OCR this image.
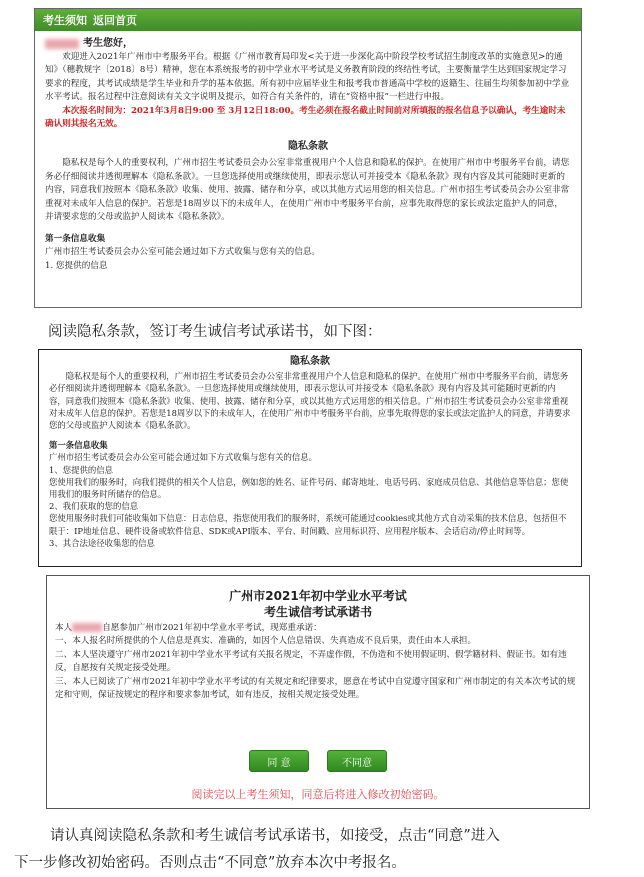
考生须知 返回首页
考生您好，

欢迎进入2021年广州市中考服务平台。根据《广州市教育局印发<关于进一步深化高中阶段学校考试招生制度改革的实施意见>的通知》（穗教规字〔2018〕8号）精神，您在本系统报考的初中学业水平考试是义务教育阶段的终结性考试，主要衡量学生达到国家规定学习要求的程度，其考试成绩是学生毕业和升学的基本依据。所有初中应届毕业生和报考我市普通高中学校的返籍生、往届生均须参加初中学业水平考试。报名过程中注意阅读有关文字说明及提示，如符合有关条件的，请在“资格申报”一栏进行申报。

本次报名时间为：2021年3月8日9:00 至 3月12日18:00。考生必须在报名截止时间前对所填报的报名信息予以确认，考生逾时未确认则其报名无效。

隐私条款

隐私权是每个人的重要权利，广州市招生考试委员会办公室非常重视用户个人信息和隐私的保护。在使用广州市中考服务平台前，请您务必仔细阅读并透彻理解本《隐私条款》。一旦您选择使用或继续使用，即表示您认可并接受本《隐私条款》现有内容及其可能随时更新的内容，同意我们按照本《隐私条款》收集、使用、披露、储存和分享，或以其他方式运用您的相关信息。广州市招生考试委员会办公室非常重视对未成年人信息的保护。若您是18周岁以下的未成年人，在使用广州市中考服务平台前，应事先取得您的家长或法定监护人的同意，并请要求您的父母或监护人阅读本《隐私条款》。

第一条信息收集
广州市招生考试委员会办公室可能会通过如下方式收集与您有关的信息。
1. 您提供的信息
阅读隐私条款，签订考生诚信考试承诺书，如下图：
隐私条款

隐私权是每个人的重要权利，广州市招生考试委员会办公室非常重视用户个人信息和隐私的保护。在使用广州市中考服务平台前，请您务必仔细阅读并透彻理解本《隐私条款》。一旦您选择使用或继续使用，即表示您认可并接受本《隐私条款》现有内容及其可能随时更新的内容，同意我们按照本《隐私条款》收集、使用、披露、储存和分享，或以其他方式运用您的相关信息。广州市招生考试委员会办公室非常重视对未成年人信息的保护。若您是18周岁以下的未成年人，在使用广州市中考服务平台前，应事先取得您的家长或法定监护人的同意，并请要求您的父母或监护人阅读本《隐私条款》。

第一条信息收集
广州市招生考试委员会办公室可能会通过如下方式收集与您有关的信息。
1、您提供的信息
您使用我们的服务时，向我们提供的相关个人信息，例如您的姓名、证件号码、邮寄地址、电话号码、家庭成员信息、其他信息等信息；您使用我们的服务时所储存的信息。
2、我们获取的您的信息
您使用服务时我们可能收集如下信息：日志信息，指您使用我们的服务时，系统可能通过cookies或其他方式自动采集的技术信息，包括但不限于：IP地址信息、硬件设备或软件信息、SDK或API版本、平台、时间戳、应用标识符、应用程序版本、会话启动/停止时间等。
3、其合法途径收集您的信息
广州市2021年初中学业水平考试
考生诚信考试承诺书
本人	自愿参加广州市2021年初中学业水平考试，现郑重承诺：
一、本人报名时所提供的个人信息是真实、准确的，如因个人信息错误、失真造成不良后果，责任由本人承担。
二、本人坚决遵守广州市2021年初中学业水平考试有关报名规定，不弄虚作假，不伪造和不使用假证明、假学籍材料、假证书。如有违反，自愿按有关规定接受处理。
三、本人已阅读了广州市2021年初中学业水平考试的有关规定和纪律要求，愿意在考试中自觉遵守国家和广州市制定的有关本次考试的规定和守则，保证按规定的程序和要求参加考试，如有违反，按相关规定接受处理。
同 意	不同意
阅读完以上考生须知，同意后将进入修改初始密码。
请认真阅读隐私条款和考生诚信考试承诺书，如接受，点击“同意”进入
下一步修改初始密码。否则点击“不同意”放弃本次中考报名。
